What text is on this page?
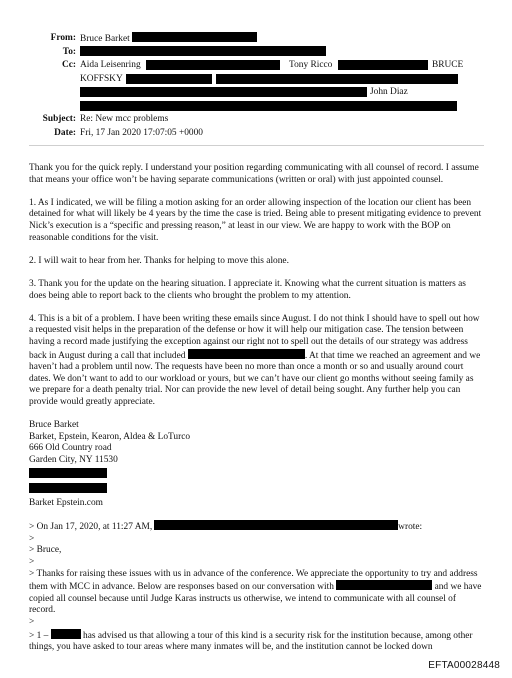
From: Bruce Barket
To:
Cc: Aida Leisenring	Tony Ricco	BRUCE
KOFFSKY
John Diaz
Subject: Re: New mcc problems
Date: Fri, 17 Jan 2020 17:07:05 +0000

Thank you for the quick reply. I understand your position regarding communicating with all counsel of record. I assume that means your office won’t be having separate communications (written or oral) with just appointed counsel.

1. As I indicated, we will be filing a motion asking for an order allowing inspection of the location our client has been detained for what will likely be 4 years by the time the case is tried. Being able to present mitigating evidence to prevent Nick’s execution is a “specific and pressing reason,” at least in our view. We are happy to work with the BOP on reasonable conditions for the visit.

2. I will wait to hear from her. Thanks for helping to move this alone.

3. Thank you for the update on the hearing situation. I appreciate it. Knowing what the current situation is matters as does being able to report back to the clients who brought the problem to my attention.

4. This is a bit of a problem. I have been writing these emails since August. I do not think I should have to spell out how a requested visit helps in the preparation of the defense or how it will help our mitigation case. The tension between having a record made justifying the exception against our right not to spell out the details of our strategy was address back in August during a call that included	. At that time we reached an agreement and we haven’t had a problem until now. The requests have been no more than once a month or so and usually around court dates. We don’t want to add to our workload or yours, but we can’t have our client go months without seeing family as we prepare for a death penalty trial. Nor can provide the new level of detail being sought. Any further help you can provide would greatly appreciate.

Bruce Barket
Barket, Epstein, Kearon, Aldea & LoTurco
666 Old Country road
Garden City, NY 11530
Barket Epstein.com
> On Jan 17, 2020, at 11:27 AM,	wrote:
>
> Bruce,
>
> Thanks for raising these issues with us in advance of the conference. We appreciate the opportunity to try and address them with MCC in advance. Below are responses based on our conversation with	and we have copied all counsel because until Judge Karas instructs us otherwise, we intend to communicate with all counsel of record.
>
> 1 –	has advised us that allowing a tour of this kind is a security risk for the institution because, among other things, you have asked to tour areas where many inmates will be, and the institution cannot be locked down
EFTA00028448
